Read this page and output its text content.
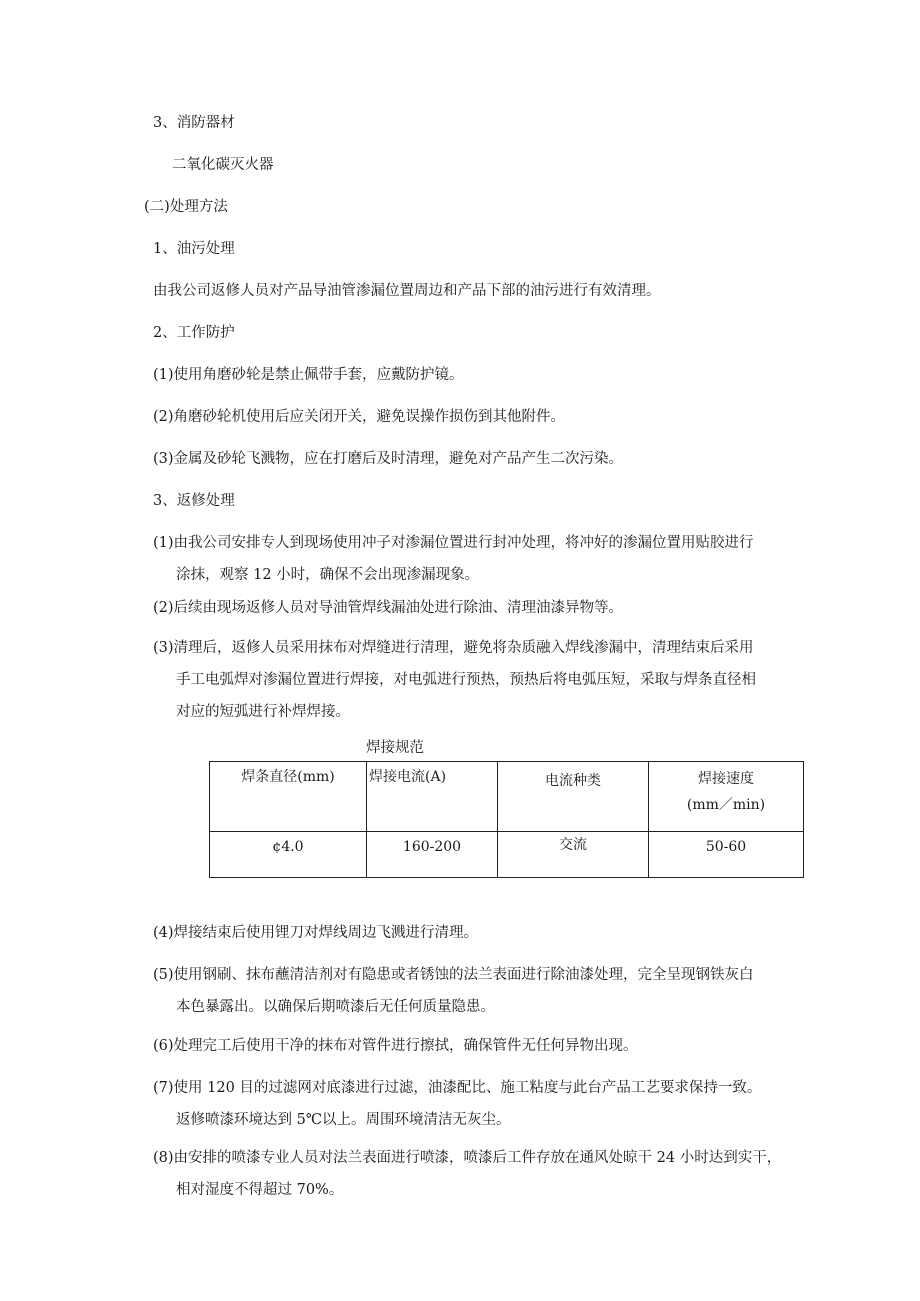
3、消防器材
二氧化碳灭火器
(二)处理方法
1、油污处理
由我公司返修人员对产品导油管渗漏位置周边和产品下部的油污进行有效清理。
2、工作防护
(1)使用角磨砂轮是禁止佩带手套，应戴防护镜。
(2)角磨砂轮机使用后应关闭开关，避免误操作损伤到其他附件。
(3)金属及砂轮飞溅物，应在打磨后及时清理，避免对产品产生二次污染。
3、返修处理
(1)由我公司安排专人到现场使用冲子对渗漏位置进行封冲处理，将冲好的渗漏位置用贴胶进行
涂抹，观察 12 小时，确保不会出现渗漏现象。
(2)后续由现场返修人员对导油管焊线漏油处进行除油、清理油漆异物等。
(3)清理后，返修人员采用抹布对焊缝进行清理，避免将杂质融入焊线渗漏中，清理结束后采用
手工电弧焊对渗漏位置进行焊接，对电弧进行预热，预热后将电弧压短，采取与焊条直径相
对应的短弧进行补焊焊接。
焊接规范
焊条直径(mm)	焊接电流(A)	电流种类	焊接速度
(mm／min)

¢4.0	160-200	交流	50-60
(4)焊接结束后使用锂刀对焊线周边飞溅进行清理。
(5)使用钢刷、抹布蘸清洁剂对有隐患或者锈蚀的法兰表面进行除油漆处理，完全呈现钢铁灰白
本色暴露出。以确保后期喷漆后无任何质量隐患。
(6)处理完工后使用干净的抹布对管件进行擦拭，确保管件无任何异物出现。
(7)使用 120 目的过滤网对底漆进行过滤，油漆配比、施工粘度与此台产品工艺要求保持一致。
返修喷漆环境达到 5℃以上。周围环境清洁无灰尘。
(8)由安排的喷漆专业人员对法兰表面进行喷漆，喷漆后工件存放在通风处晾干 24 小时达到实干，
相对湿度不得超过 70%。
